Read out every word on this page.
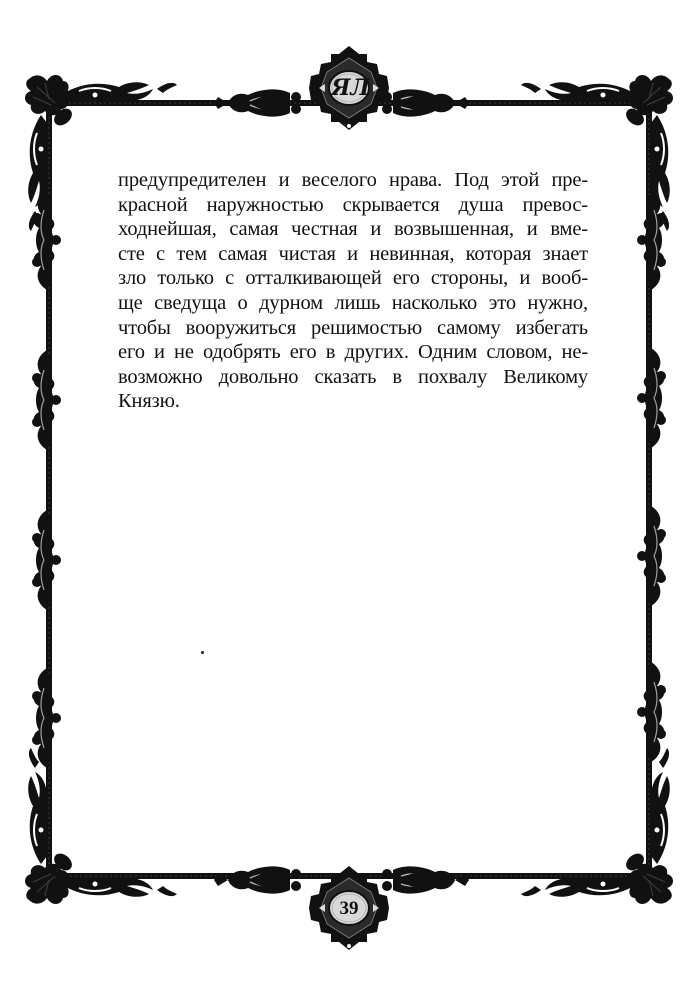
ЯЛ
предупредителен и веселого нрава. Под этой пре-
красной наружностью скрывается душа превос-
ходнейшая, самая честная и возвышенная, и вме-
сте с тем самая чистая и невинная, которая знает
зло только с отталкивающей его стороны, и вооб-
ще сведуща о дурном лишь насколько это нужно,
чтобы вооружиться решимостью самому избегать
его и не одобрять его в других. Одним словом, не-
возможно довольно сказать в похвалу Великому
Князю.
39
